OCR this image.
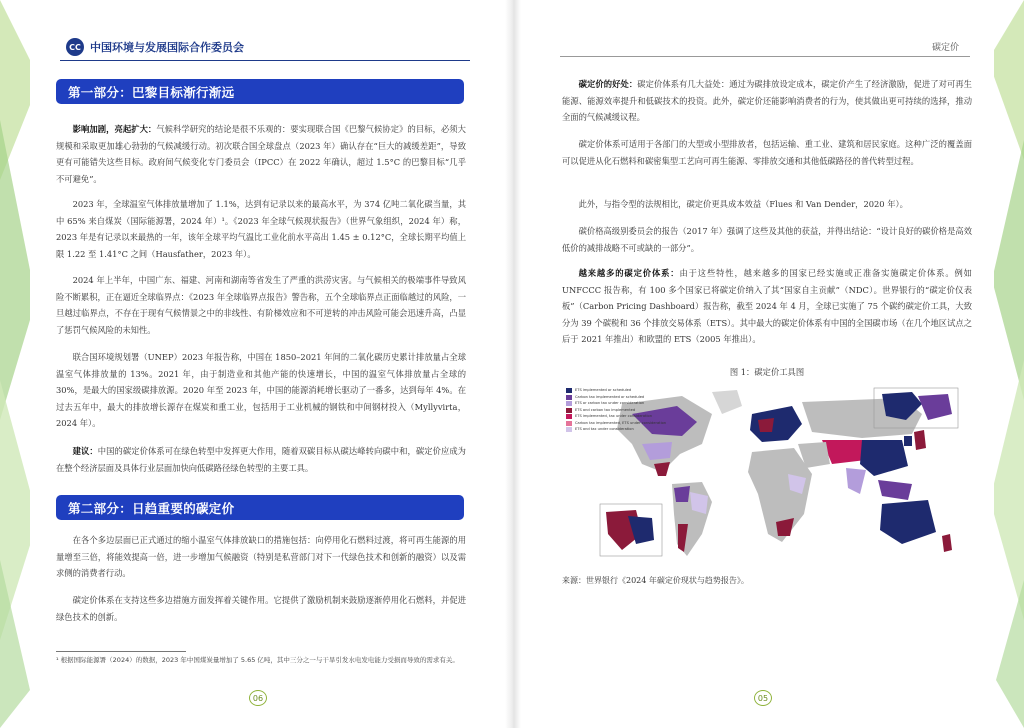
CC 中国环境与发展国际合作委员会	碳定价
第一部分：巴黎目标渐行渐远
影响加剧，亮起扩大：气候科学研究的结论是很不乐观的：要实现联合国《巴黎气候协定》的目标，必须大规模和采取更加雄心勃勃的气候减缓行动。初次联合国全球盘点（2023 年）确认存在“巨大的减缓差距”，导致更有可能错失这些目标。政府间气候变化专门委员会（IPCC）在 2022 年确认，超过 1.5°C 的巴黎目标“几乎不可避免”。
2023 年，全球温室气体排放量增加了 1.1%，达到有记录以来的最高水平，为 374 亿吨二氧化碳当量，其中 65% 来自煤炭（国际能源署，2024 年）¹。《2023 年全球气候现状报告》（世界气象组织，2024 年）称，2023 年是有记录以来最热的一年，该年全球平均气温比工业化前水平高出 1.45 ± 0.12°C，全球长期平均值上限 1.22 至 1.41°C 之间（Hausfather，2023 年）。
2024 年上半年，中国广东、福建、河南和湖南等省发生了严重的洪涝灾害。与气候相关的极端事件导致风险不断累积，正在逼近全球临界点：《2023 年全球临界点报告》警告称，五个全球临界点正面临越过的风险，一旦越过临界点，不存在于现有气候情景之中的非线性、有阶梯效应和不可逆转的冲击风险可能会迅速升高，凸显了惩罚气候风险的未知性。
联合国环境规划署（UNEP）2023 年报告称，中国在 1850–2021 年间的二氧化碳历史累计排放量占全球温室气体排放量的 13%。2021 年，由于制造业和其他产能的快速增长，中国的温室气体排放量占全球的 30%，是最大的国家级碳排放源。2020 年至 2023 年，中国的能源消耗增长驱动了一番多，达到每年 4%。在过去五年中，最大的排放增长源存在煤炭和重工业，包括用于工业机械的钢铁和中间钢材投入（Myllyvirta，2024 年）。
建议：中国的碳定价体系可在绿色转型中发挥更大作用，随着双碳目标从碳达峰转向碳中和，碳定价应成为在整个经济层面及具体行业层面加快向低碳路径绿色转型的主要工具。
第二部分：日趋重要的碳定价
在各个多边层面已正式通过的缩小温室气体排放缺口的措施包括：向停用化石燃料过渡，将可再生能源的用量增至三倍，将能效提高一倍，进一步增加气候融资（特别是私营部门对下一代绿色技术和创新的融资）以及需求侧的消费者行动。
碳定价体系在支持这些多边措施方面发挥着关键作用。它提供了激励机制来鼓励逐渐停用化石燃料，并促进绿色技术的创新。
¹ 根据国际能源署（2024）的数据，2023 年中国煤炭量增加了 5.65 亿吨，其中三分之一与干旱引发水电发电能力受损而导致的需求有关。
06
碳定价的好处：碳定价体系有几大益处：通过为碳排放设定成本，碳定价产生了经济激励，促进了对可再生能源、能源效率提升和低碳技术的投资。此外，碳定价还能影响消费者的行为，使其做出更可持续的选择，推动全面的气候减缓议程。
碳定价体系可适用于各部门的大型或小型排放者，包括运输、重工业、建筑和居民家庭。这种广泛的覆盖面可以促进从化石燃料和碳密集型工艺向可再生能源、零排放交通和其他低碳路径的普代转型过程。
此外，与指令型的法规相比，碳定价更具成本效益（Flues 和 Van Dender，2020 年）。
碳价格高级别委员会的报告（2017 年）强调了这些及其他的获益，并得出结论：“设计良好的碳价格是高效低价的减排战略不可或缺的一部分”。
越来越多的碳定价体系：由于这些特性，越来越多的国家已经实施或正准备实施碳定价体系。例如 UNFCCC 报告称，有 100 多个国家已将碳定价纳入了其“国家自主贡献”（NDC）。世界银行的“碳定价仪表板”（Carbon Pricing Dashboard）报告称，截至 2024 年 4 月，全球已实施了 75 个碳约碳定价工具，大致分为 39 个碳税和 36 个排放交易体系（ETS）。其中最大的碳定价体系有中国的全国碳市场（在几个地区试点之后于 2021 年推出）和欧盟的 ETS（2005 年推出）。
图 1：碳定价工具图
ETS implemented or scheduled
Carbon tax implemented or scheduled
ETS or carbon tax under consideration
ETS and carbon tax implemented
ETS implemented, tax under consideration
Carbon tax implemented, ETS under consideration
ETS and tax under consideration
来源：世界银行《2024 年碳定价现状与趋势报告》。
05
